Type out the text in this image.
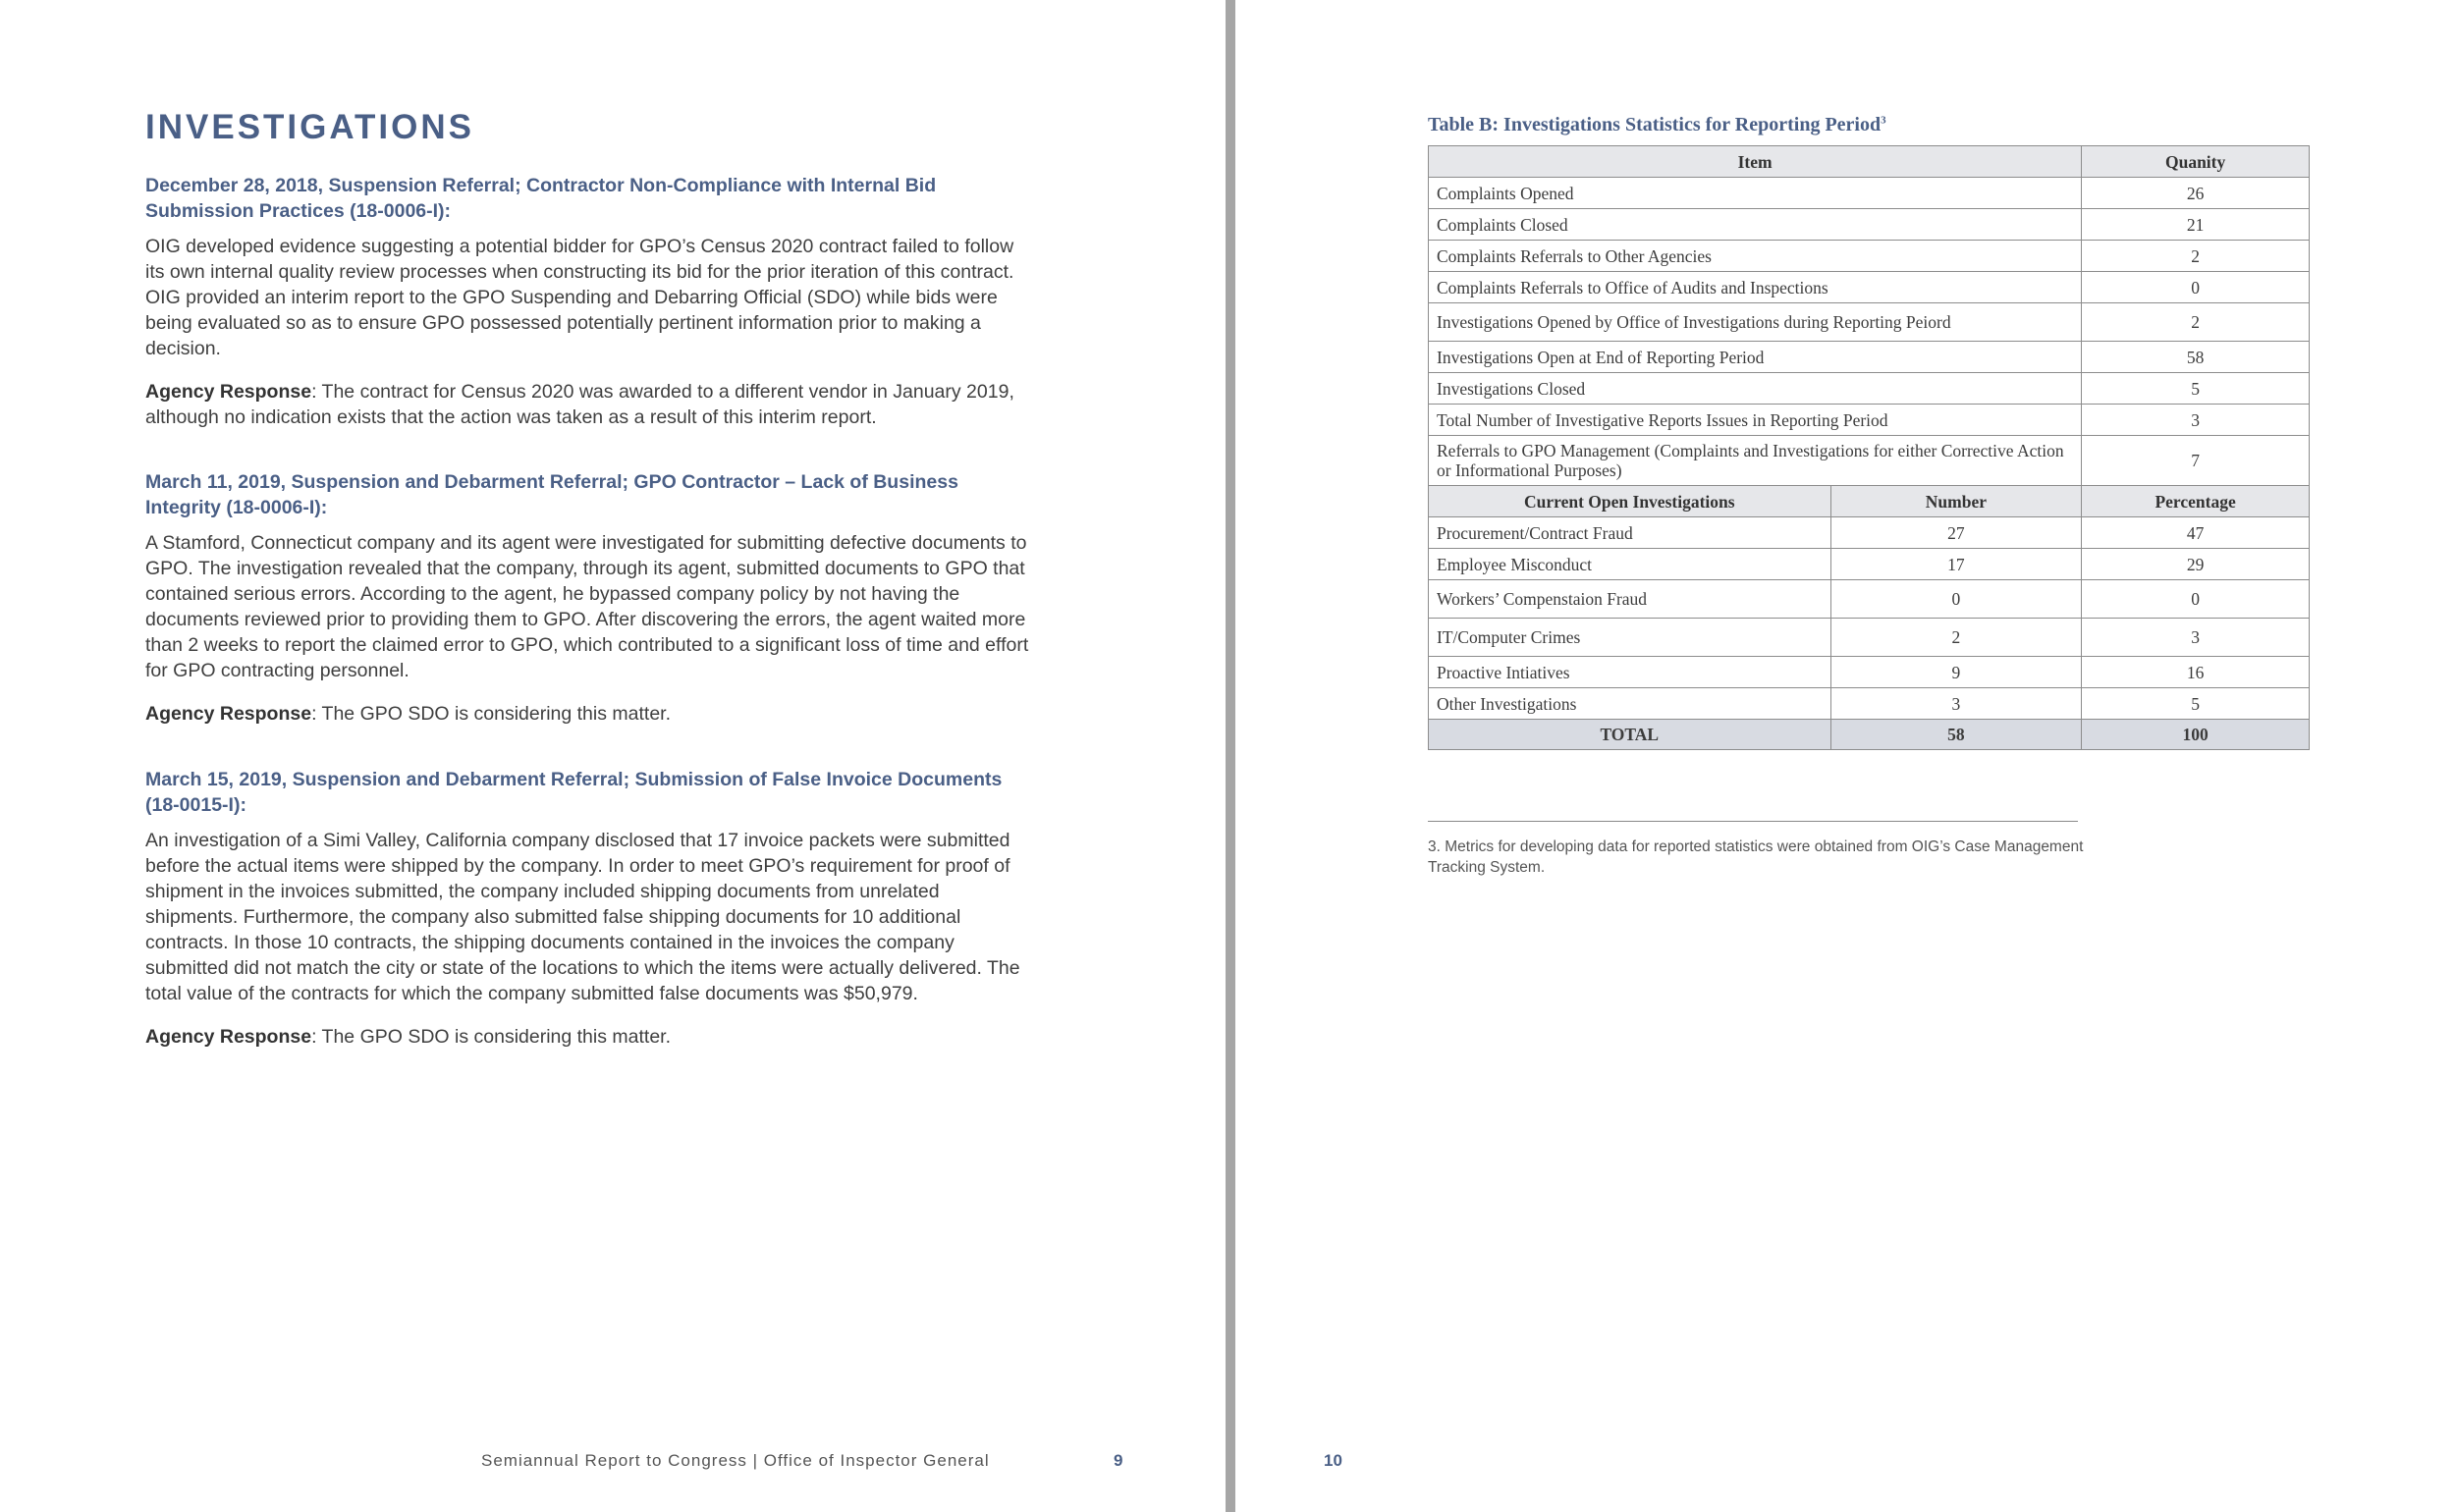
INVESTIGATIONS
December 28, 2018, Suspension Referral; Contractor Non-Compliance with Internal Bid Submission Practices (18-0006-I):

OIG developed evidence suggesting a potential bidder for GPO’s Census 2020 contract failed to follow its own internal quality review processes when constructing its bid for the prior iteration of this contract. OIG provided an interim report to the GPO Suspending and Debarring Official (SDO) while bids were being evaluated so as to ensure GPO possessed potentially pertinent information prior to making a decision.

Agency Response: The contract for Census 2020 was awarded to a different vendor in January 2019, although no indication exists that the action was taken as a result of this interim report.

March 11, 2019, Suspension and Debarment Referral; GPO Contractor – Lack of Business Integrity (18-0006-I):

A Stamford, Connecticut company and its agent were investigated for submitting defective documents to GPO. The investigation revealed that the company, through its agent, submitted documents to GPO that contained serious errors. According to the agent, he bypassed company policy by not having the documents reviewed prior to providing them to GPO. After discovering the errors, the agent waited more than 2 weeks to report the claimed error to GPO, which contributed to a significant loss of time and effort for GPO contracting personnel.

Agency Response: The GPO SDO is considering this matter.

March 15, 2019, Suspension and Debarment Referral; Submission of False Invoice Documents (18-0015-I):

An investigation of a Simi Valley, California company disclosed that 17 invoice packets were submitted before the actual items were shipped by the company. In order to meet GPO’s requirement for proof of shipment in the invoices submitted, the company included shipping documents from unrelated shipments. Furthermore, the company also submitted false shipping documents for 10 additional contracts. In those 10 contracts, the shipping documents contained in the invoices the company submitted did not match the city or state of the locations to which the items were actually delivered. The total value of the contracts for which the company submitted false documents was $50,979.

Agency Response: The GPO SDO is considering this matter.

Semiannual Report to Congress | Office of Inspector General	9

Table B: Investigations Statistics for Reporting Period$^3$

Item		Quanity
Complaints Opened		26
Complaints Closed		21
Complaints Referrals to Other Agencies		2
Complaints Referrals to Office of Audits and Inspections		0
Investigations Opened by Office of Investigations during Reporting Peiord		2
Investigations Open at End of Reporting Period		58
Investigations Closed		5
Total Number of Investigative Reports Issues in Reporting Period		3
Referrals to GPO Management (Complaints and Investigations for either Corrective Action or Informational Purposes)		7
Current Open Investigations	Number	Percentage
Procurement/Contract Fraud	27	47
Employee Misconduct	17	29
Workers’ Compenstaion Fraud	0	0
IT/Computer Crimes	2	3
Proactive Intiatives	9	16
Other Investigations	3	5
TOTAL	58	100

3. Metrics for developing data for reported statistics were obtained from OIG’s Case Management Tracking System.

10
